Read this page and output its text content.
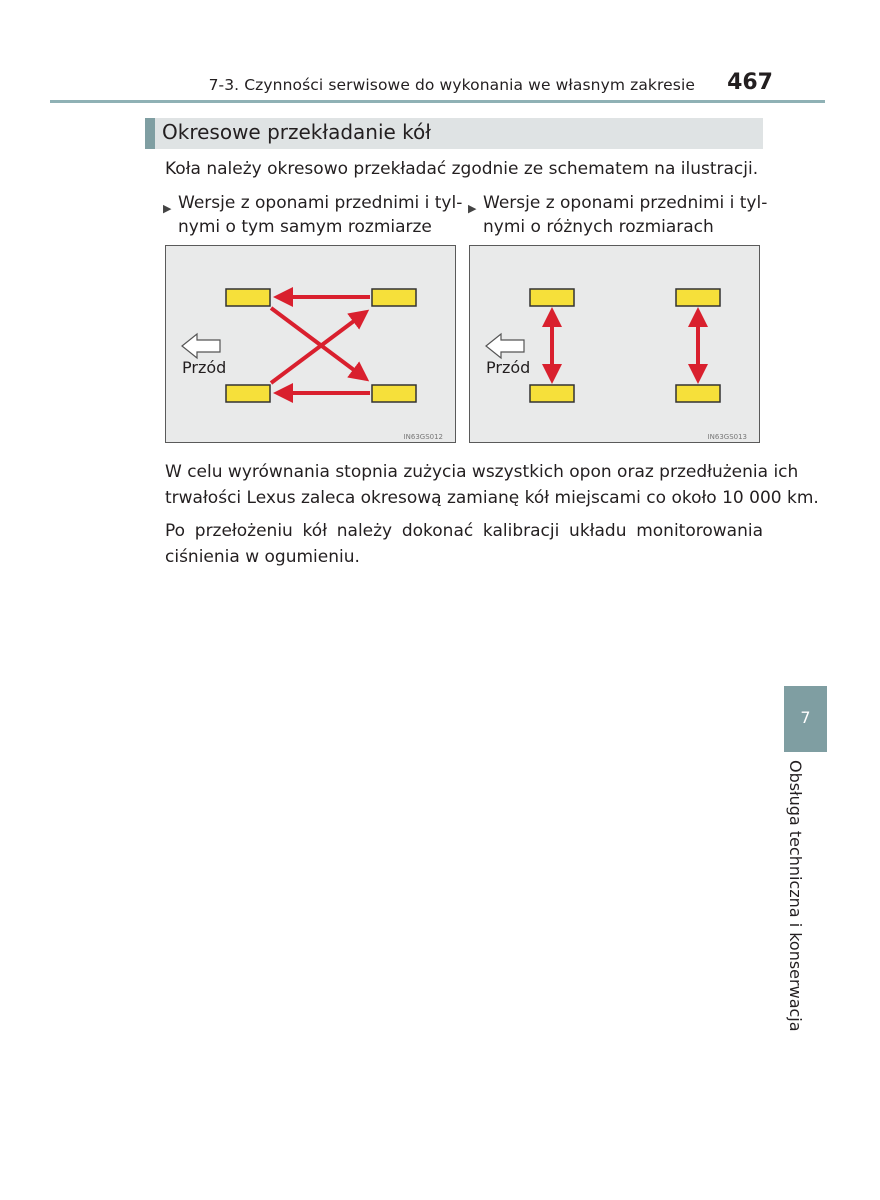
7-3. Czynności serwisowe do wykonania we własnym zakresie	467
Okresowe przekładanie kół
Koła należy okresowo przekładać zgodnie ze schematem na ilustracji.
▶ Wersje z oponami przednimi i tyl-
nymi o tym samym rozmiarze
▶ Wersje z oponami przednimi i tyl-
nymi o różnych rozmiarach
Przód
IN63GS012
Przód
IN63GS013
W celu wyrównania stopnia zużycia wszystkich opon oraz przedłużenia ich
trwałości Lexus zaleca okresową zamianę kół miejscami co około 10 000 km.
Po przełożeniu kół należy dokonać kalibracji układu monitorowania
ciśnienia w ogumieniu.
7
Obsługa techniczna i konserwacja
